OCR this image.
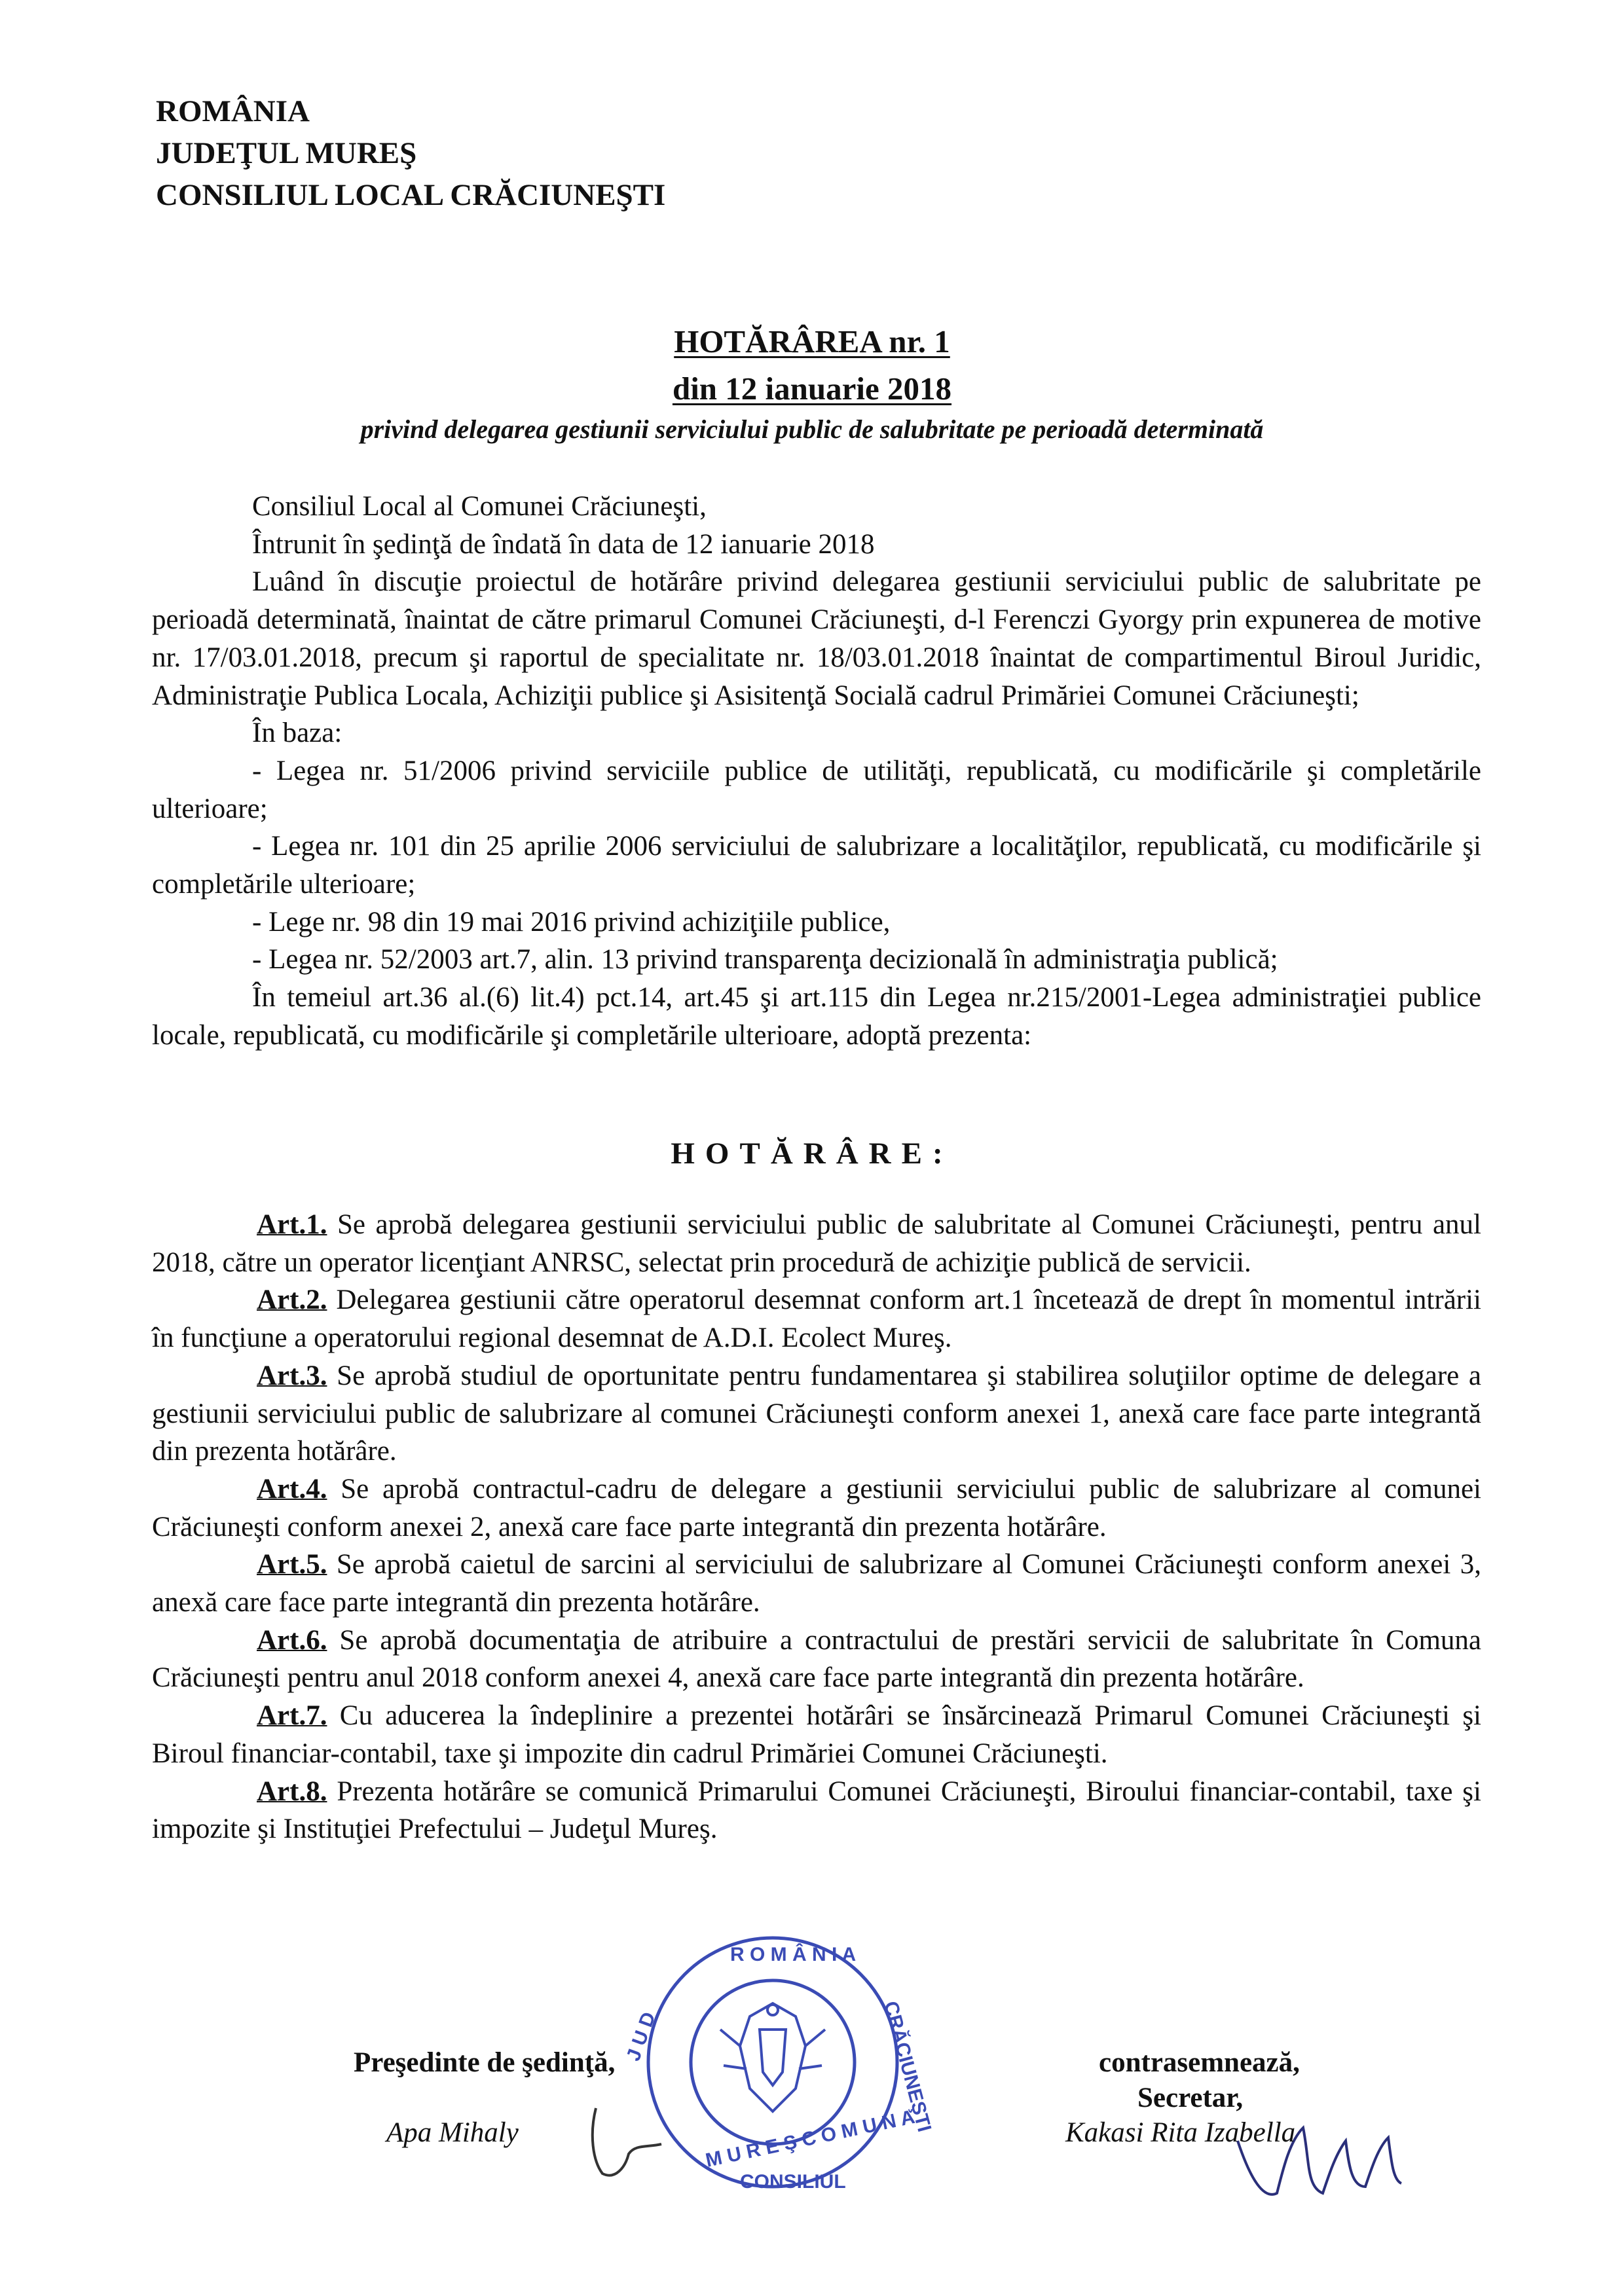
ROMÂNIA
JUDEŢUL MUREŞ
CONSILIUL LOCAL CRĂCIUNEŞTI
HOTĂRÂREA nr. 1
din 12 ianuarie 2018
privind delegarea gestiunii serviciului public de salubritate pe perioadă determinată

Consiliul Local al Comunei Crăciuneşti,

Întrunit în şedinţă de îndată în data de 12 ianuarie 2018

Luând în discuţie proiectul de hotărâre privind delegarea gestiunii serviciului public de salubritate pe perioadă determinată, înaintat de către primarul Comunei Crăciuneşti, d-l Ferenczi Gyorgy prin expunerea de motive nr. 17/03.01.2018, precum şi raportul de specialitate nr. 18/03.01.2018 înaintat de compartimentul Biroul Juridic, Administraţie Publica Locala, Achiziţii publice şi Asisitenţă Socială cadrul Primăriei Comunei Crăciuneşti;

În baza:

- Legea nr. 51/2006 privind serviciile publice de utilităţi, republicată, cu modificările şi completările ulterioare;

- Legea nr. 101 din 25 aprilie 2006 serviciului de salubrizare a localităţilor, republicată, cu modificările şi completările ulterioare;

- Lege nr. 98 din 19 mai 2016 privind achiziţiile publice,

- Legea nr. 52/2003 art.7, alin. 13 privind transparenţa decizională în administraţia publică;

În temeiul art.36 al.(6) lit.4) pct.14, art.45 şi art.115 din Legea nr.215/2001-Legea administraţiei publice locale, republicată, cu modificările şi completările ulterioare, adoptă prezenta:

HOTĂRÂRE:

Art.1. Se aprobă delegarea gestiunii serviciului public de salubritate al Comunei Crăciuneşti, pentru anul 2018, către un operator licenţiant ANRSC, selectat prin procedură de achiziţie publică de servicii.

Art.2. Delegarea gestiunii către operatorul desemnat conform art.1 încetează de drept în momentul intrării în funcţiune a operatorului regional desemnat de A.D.I. Ecolect Mureş.

Art.3. Se aprobă studiul de oportunitate pentru fundamentarea şi stabilirea soluţiilor optime de delegare a gestiunii serviciului public de salubrizare al comunei Crăciuneşti conform anexei 1, anexă care face parte integrantă din prezenta hotărâre.

Art.4. Se aprobă contractul-cadru de delegare a gestiunii serviciului public de salubrizare al comunei Crăciuneşti conform anexei 2, anexă care face parte integrantă din prezenta hotărâre.

Art.5. Se aprobă caietul de sarcini al serviciului de salubrizare al Comunei Crăciuneşti conform anexei 3, anexă care face parte integrantă din prezenta hotărâre.

Art.6. Se aprobă documentaţia de atribuire a contractului de prestări servicii de salubritate în Comuna Crăciuneşti pentru anul 2018 conform anexei 4, anexă care face parte integrantă din prezenta hotărâre.

Art.7. Cu aducerea la îndeplinire a prezentei hotărâri se însărcinează Primarul Comunei Crăciuneşti şi Biroul financiar-contabil, taxe şi impozite din cadrul Primăriei Comunei Crăciuneşti.

Art.8. Prezenta hotărâre se comunică Primarului Comunei Crăciuneşti, Biroului financiar-contabil, taxe şi impozite şi Instituţiei Prefectului – Judeţul Mureş.

R O M Â N I A
J U D	CRĂCIUNEŞTI
M U R E Ş C O M U N A
CONSILIUL
Preşedinte de şedinţă,
Apa Mihaly
contrasemnează,
Secretar,
Kakasi Rita Izabella
